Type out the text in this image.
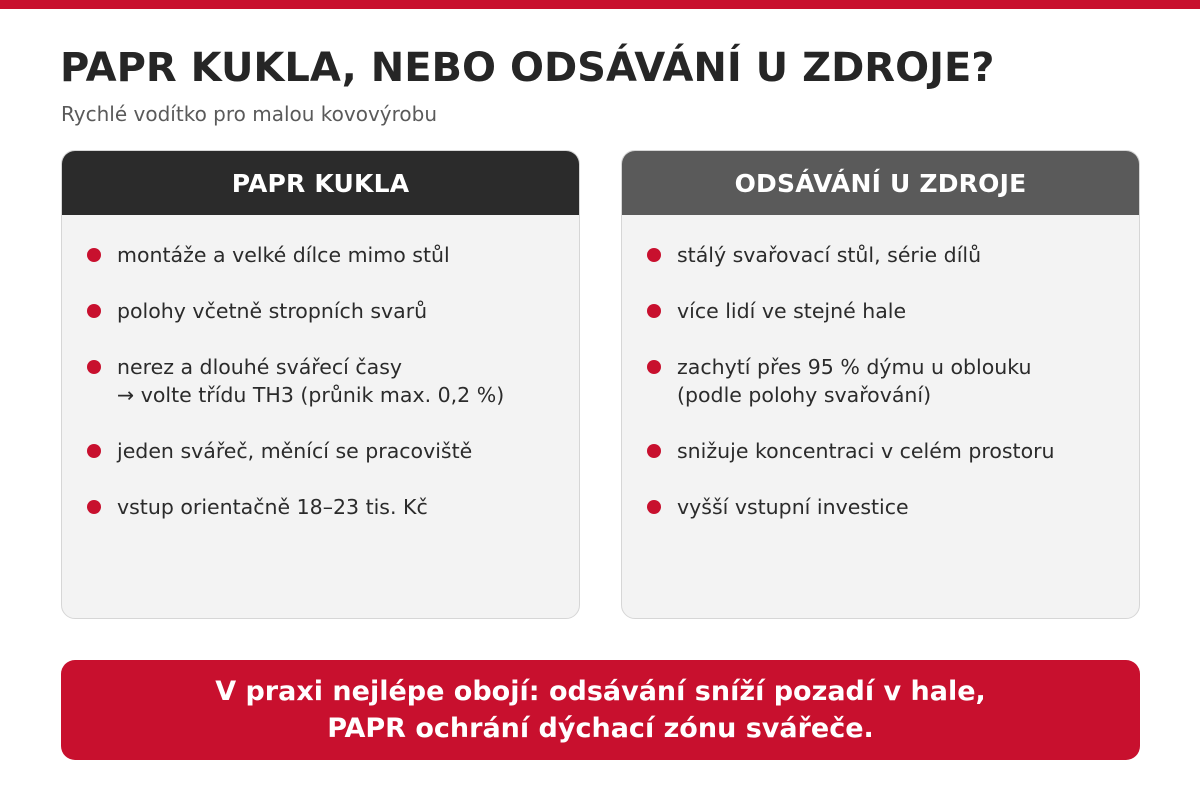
PAPR KUKLA, NEBO ODSÁVÁNÍ U ZDROJE?

Rychlé vodítko pro malou kovovýrobu

PAPR KUKLA
montáže a velké dílce mimo stůl
polohy včetně stropních svarů
nerez a dlouhé svářecí časy
→ volte třídu TH3 (průnik max. 0,2 %)
jeden svářeč, měnící se pracoviště
vstup orientačně 18–23 tis. Kč
ODSÁVÁNÍ U ZDROJE
stálý svařovací stůl, série dílů
více lidí ve stejné hale
zachytí přes 95 % dýmu u oblouku
(podle polohy svařování)
snižuje koncentraci v celém prostoru
vyšší vstupní investice
V praxi nejlépe obojí: odsávání sníží pozadí v hale,
PAPR ochrání dýchací zónu svářeče.
